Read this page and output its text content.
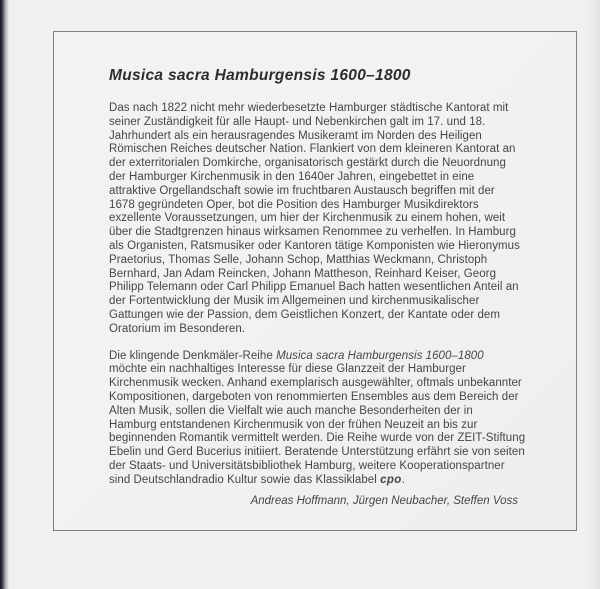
Musica sacra Hamburgensis 1600–1800
Das nach 1822 nicht mehr wiederbesetzte Hamburger städtische Kantorat mit
seiner Zuständigkeit für alle Haupt- und Nebenkirchen galt im 17. und 18.
Jahrhundert als ein herausragendes Musikeramt im Norden des Heiligen
Römischen Reiches deutscher Nation. Flankiert von dem kleineren Kantorat an
der exterritorialen Domkirche, organisatorisch gestärkt durch die Neuordnung
der Hamburger Kirchenmusik in den 1640er Jahren, eingebettet in eine
attraktive Orgellandschaft sowie im fruchtbaren Austausch begriffen mit der
1678 gegründeten Oper, bot die Position des Hamburger Musikdirektors
exzellente Voraussetzungen, um hier der Kirchenmusik zu einem hohen, weit
über die Stadtgrenzen hinaus wirksamen Renommee zu verhelfen. In Hamburg
als Organisten, Ratsmusiker oder Kantoren tätige Komponisten wie Hieronymus
Praetorius, Thomas Selle, Johann Schop, Matthias Weckmann, Christoph
Bernhard, Jan Adam Reincken, Johann Mattheson, Reinhard Keiser, Georg
Philipp Telemann oder Carl Philipp Emanuel Bach hatten wesentlichen Anteil an
der Fortentwicklung der Musik im Allgemeinen und kirchenmusikalischer
Gattungen wie der Passion, dem Geistlichen Konzert, der Kantate oder dem
Oratorium im Besonderen.
Die klingende Denkmäler-Reihe Musica sacra Hamburgensis 1600–1800
möchte ein nachhaltiges Interesse für diese Glanzzeit der Hamburger
Kirchenmusik wecken. Anhand exemplarisch ausgewählter, oftmals unbekannter
Kompositionen, dargeboten von renommierten Ensembles aus dem Bereich der
Alten Musik, sollen die Vielfalt wie auch manche Besonderheiten der in
Hamburg entstandenen Kirchenmusik von der frühen Neuzeit an bis zur
beginnenden Romantik vermittelt werden. Die Reihe wurde von der ZEIT-Stiftung
Ebelin und Gerd Bucerius initiiert. Beratende Unterstützung erfährt sie von seiten
der Staats- und Universitätsbibliothek Hamburg, weitere Kooperationspartner
sind Deutschlandradio Kultur sowie das Klassiklabel cpo.
Andreas Hoffmann, Jürgen Neubacher, Steffen Voss
